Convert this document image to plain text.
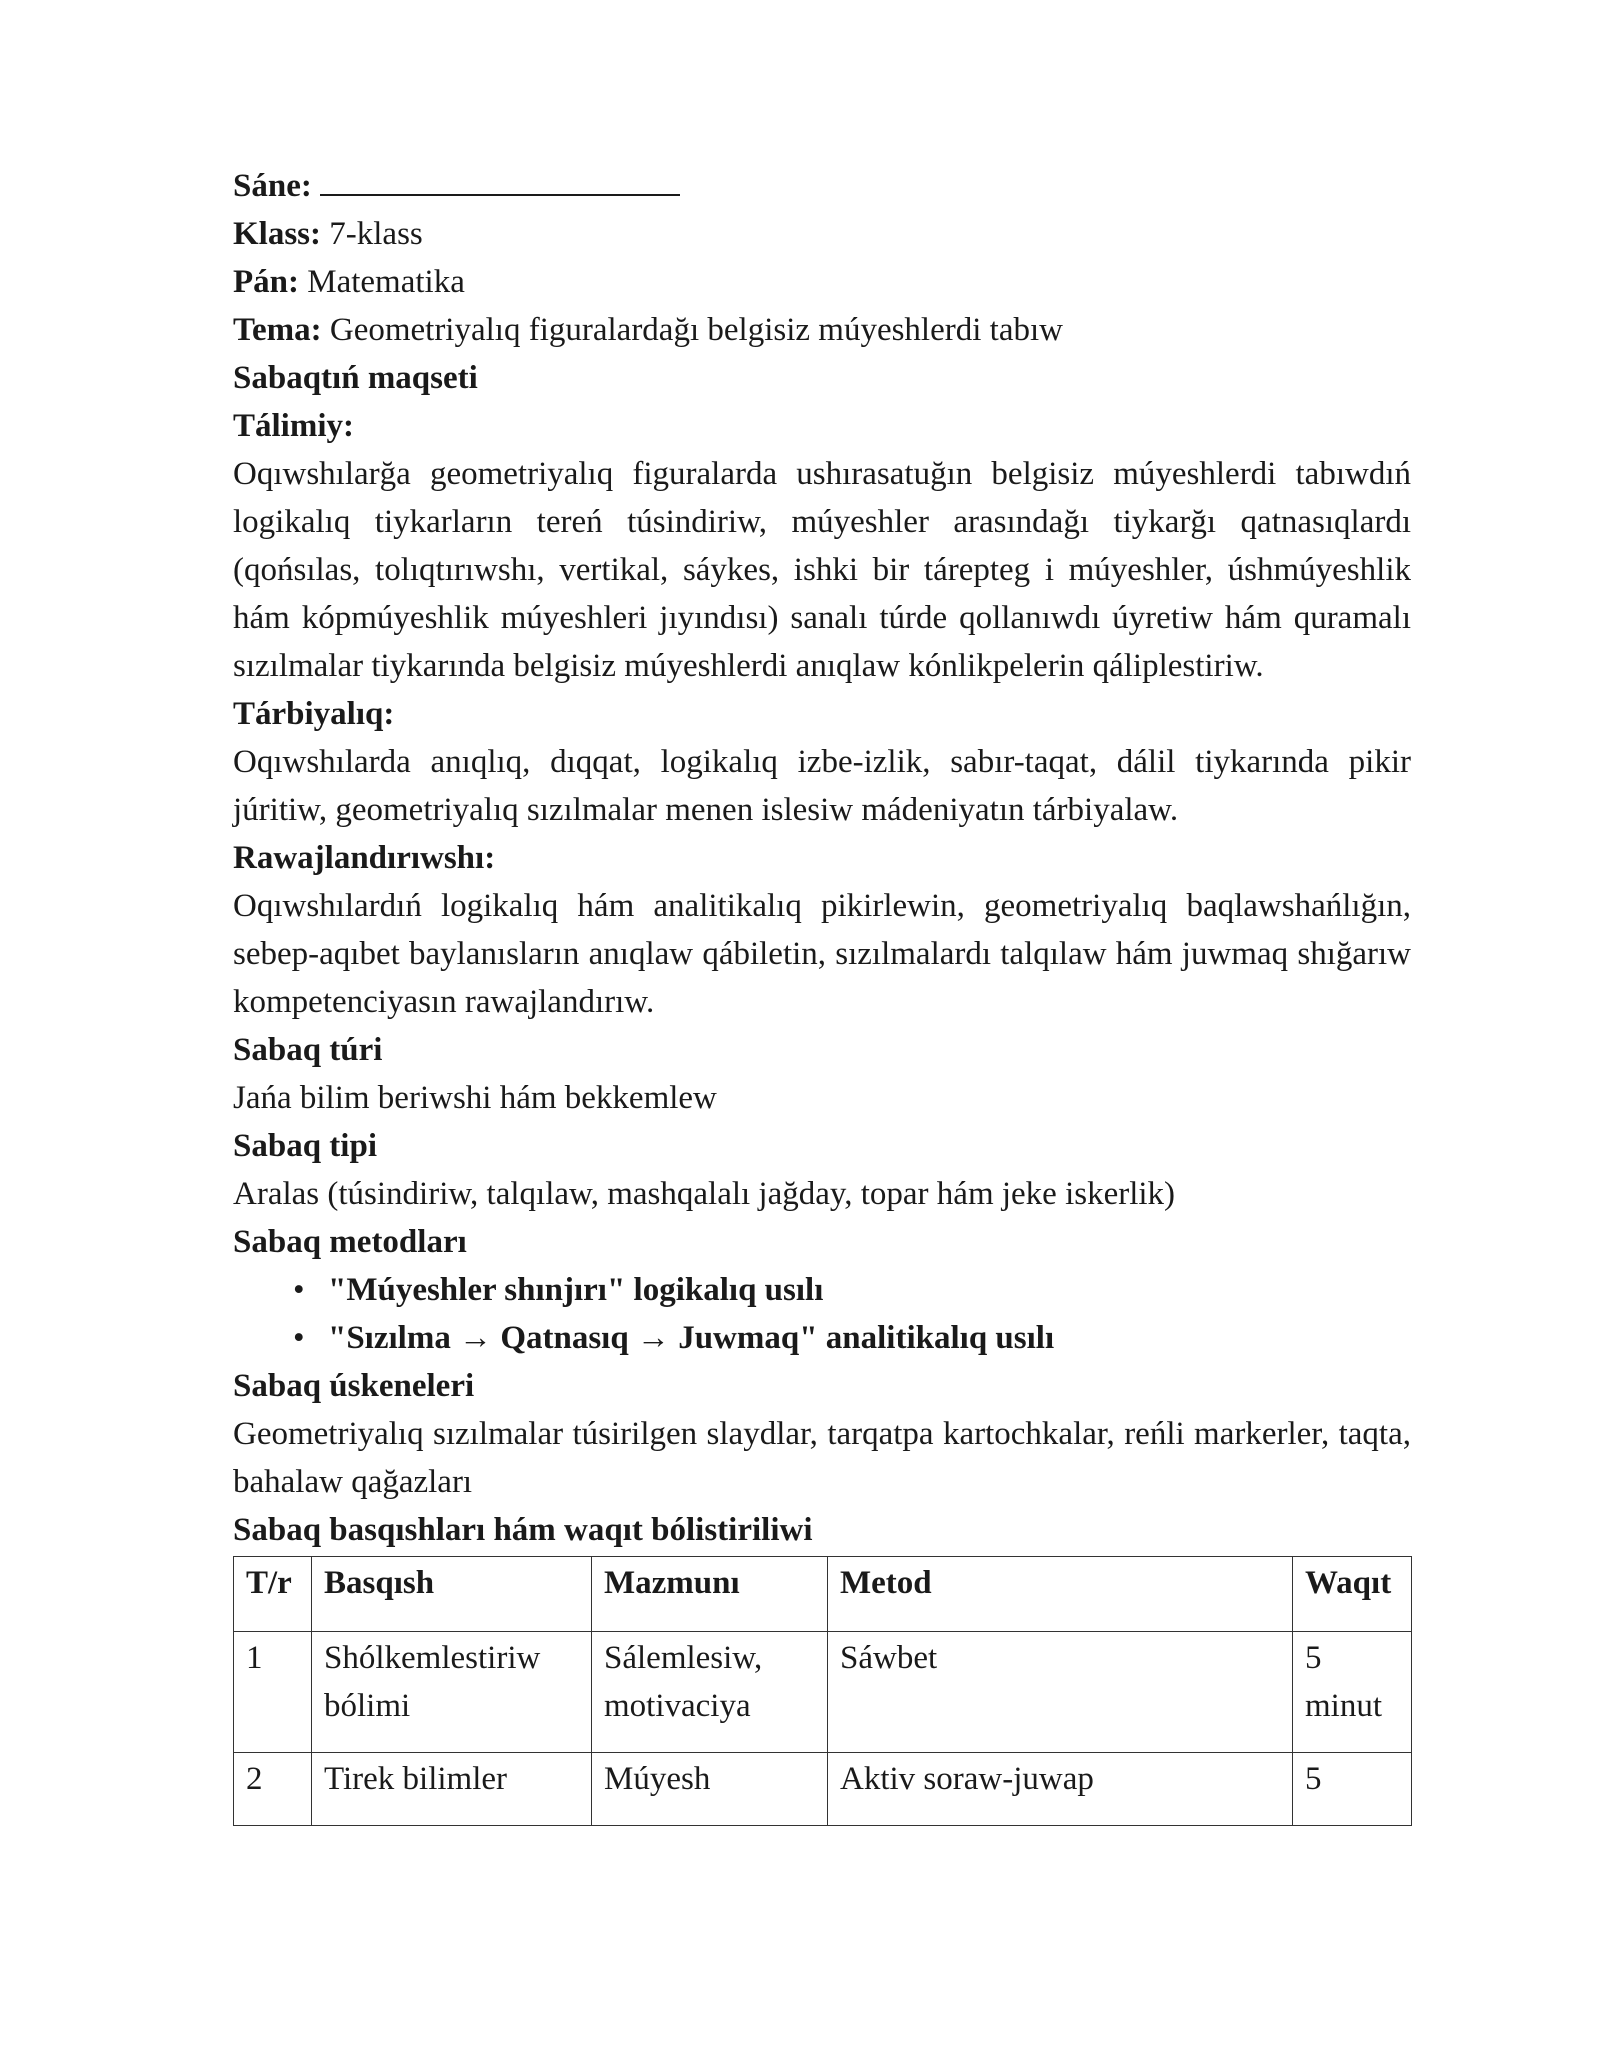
Sáne:

Klass: 7-klass

Pán: Matematika

Tema: Geometriyalıq figuralardağı belgisiz múyeshlerdi tabıw

Sabaqtıń maqseti

Tálimiy:

Oqıwshılarğa geometriyalıq figuralarda ushırasatuğın belgisiz múyeshlerdi tabıwdıń logikalıq tiykarların tereń túsindiriw, múyeshler arasındağı tiykarğı qatnasıqlardı (qońsılas, tolıqtırıwshı, vertikal, sáykes, ishki bir tárepteg i múyeshler, úshmúyeshlik hám kópmúyeshlik múyeshleri jıyındısı) sanalı túrde qollanıwdı úyretiw hám quramalı sızılmalar tiykarında belgisiz múyeshlerdi anıqlaw kónlikpelerin qáliplestiriw.

Tárbiyalıq:

Oqıwshılarda anıqlıq, dıqqat, logikalıq izbe-izlik, sabır-taqat, dálil tiykarında pikir júritiw, geometriyalıq sızılmalar menen islesiw mádeniyatın tárbiyalaw.

Rawajlandırıwshı:

Oqıwshılardıń logikalıq hám analitikalıq pikirlewin, geometriyalıq baqlawshańlığın, sebep-aqıbet baylanısların anıqlaw qábiletin, sızılmalardı talqılaw hám juwmaq shığarıw kompetenciyasın rawajlandırıw.

Sabaq túri

Jańa bilim beriwshi hám bekkemlew

Sabaq tipi

Aralas (túsindiriw, talqılaw, mashqalalı jağday, topar hám jeke iskerlik)

Sabaq metodları

• "Múyeshler shınjırı" logikalıq usılı
• "Sızılma → Qatnasıq → Juwmaq" analitikalıq usılı

Sabaq úskeneleri

Geometriyalıq sızılmalar túsirilgen slaydlar, tarqatpa kartochkalar, reńli markerler, taqta, bahalaw qağazları

Sabaq basqıshları hám waqıt bólistiriliwi

T/r	Basqısh	Mazmunı	Metod	Waqıt
1	Shólkemlestiriw bólimi	Sálemlesiw, motivaciya	Sáwbet	5 minut
2	Tirek bilimler	Múyesh	Aktiv soraw-juwap	5
